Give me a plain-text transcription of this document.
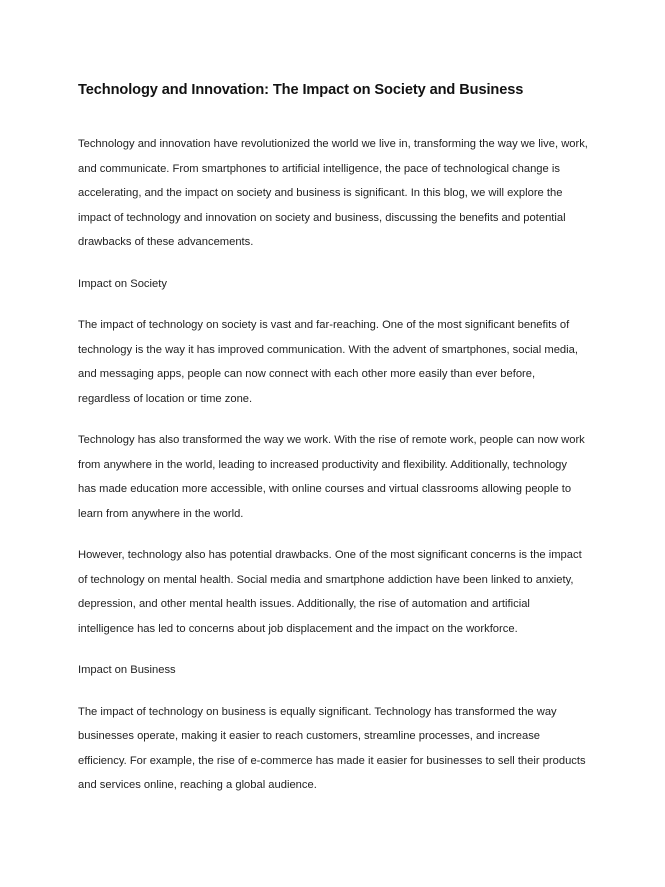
Technology and Innovation: The Impact on Society and Business

Technology and innovation have revolutionized the world we live in, transforming the way we live, work, and communicate. From smartphones to artificial intelligence, the pace of technological change is accelerating, and the impact on society and business is significant. In this blog, we will explore the impact of technology and innovation on society and business, discussing the benefits and potential drawbacks of these advancements.

Impact on Society

The impact of technology on society is vast and far-reaching. One of the most significant benefits of technology is the way it has improved communication. With the advent of smartphones, social media, and messaging apps, people can now connect with each other more easily than ever before, regardless of location or time zone.

Technology has also transformed the way we work. With the rise of remote work, people can now work from anywhere in the world, leading to increased productivity and flexibility. Additionally, technology has made education more accessible, with online courses and virtual classrooms allowing people to learn from anywhere in the world.

However, technology also has potential drawbacks. One of the most significant concerns is the impact of technology on mental health. Social media and smartphone addiction have been linked to anxiety, depression, and other mental health issues. Additionally, the rise of automation and artificial intelligence has led to concerns about job displacement and the impact on the workforce.

Impact on Business

The impact of technology on business is equally significant. Technology has transformed the way businesses operate, making it easier to reach customers, streamline processes, and increase efficiency. For example, the rise of e-commerce has made it easier for businesses to sell their products and services online, reaching a global audience.
